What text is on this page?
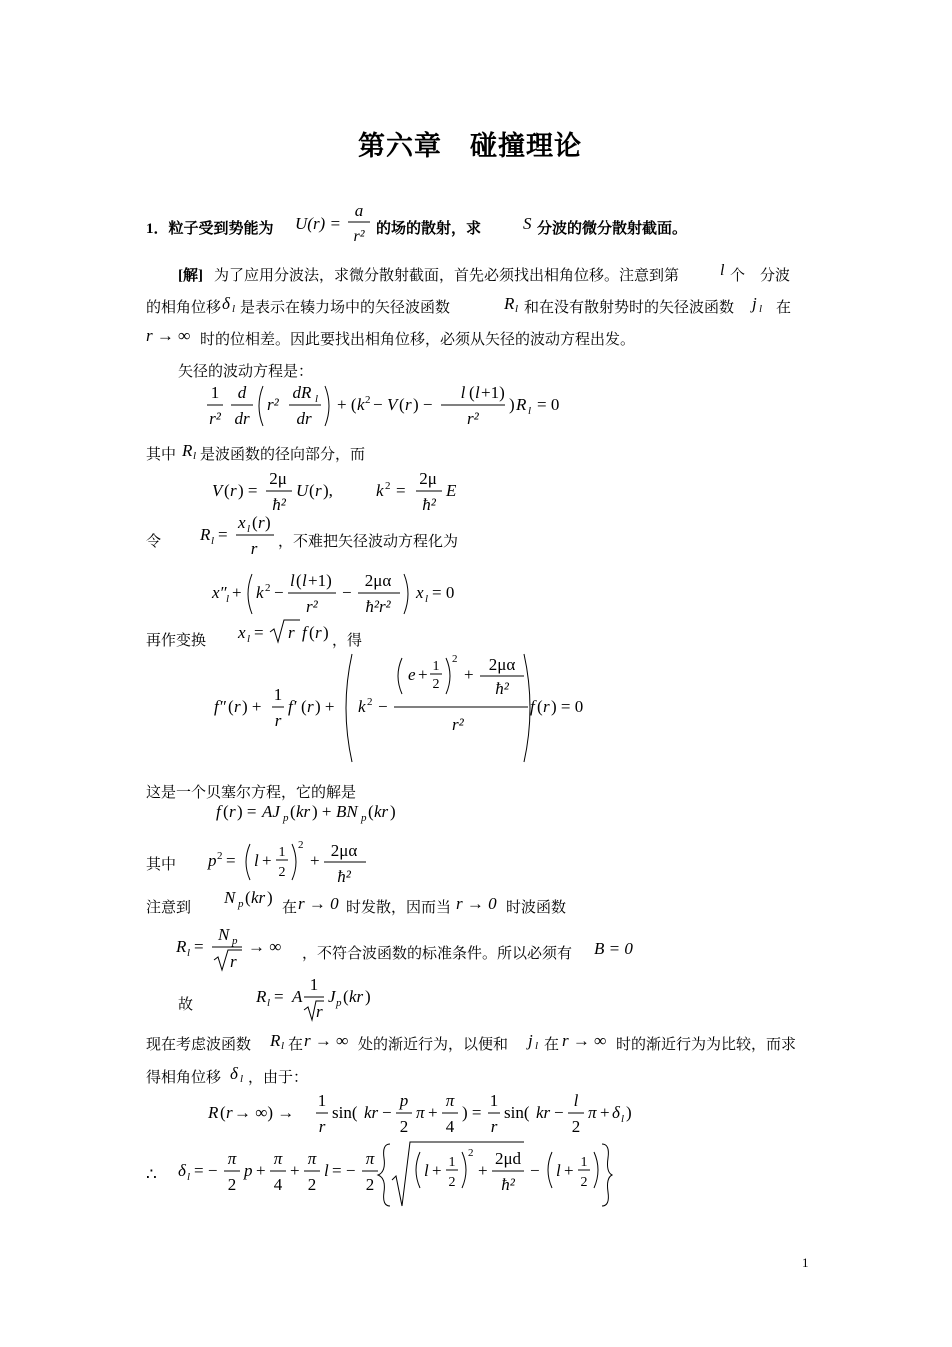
第六章　碰撞理论
1．粒子受到势能为 U(r) =
a
r² 的场的散射，求 S 分波的微分散射截面。
[解] 为了应用分波法，求微分散射截面，首先必须找出相角位移。注意到第	l 个　分波
的相角位移 δ l 是表示在辏力场中的矢径波函数	R l 和在没有散射势时的矢径波函数 j l 在
r → ∞ 时的位相差。因此要找出相角位移，必须从矢径的波动方程出发。
矢径的波动方程是：
1
r²
d
dr
r²
dR l
dr
+ ( k 2 − V ( r ) −
l ( l +1)
r²
) R l = 0
其中 R l 是波函数的径向部分，而
V ( r ) =
2μ
ħ²
U ( r ),	k 2 =
2μ
ħ²
E
令 R l =
x l ( r )
r ，不难把矢径波动方程化为
x″ l + k 2 −
l ( l +1)
r²
−
2μα
ħ²r²
x l = 0
再作变换 x l = r f ( r ) ，得
f″ ( r ) +
1
r
f′ ( r ) + k 2 −
e + 1
2
2
+
2μα
ħ²
r²
f ( r ) = 0
这是一个贝塞尔方程，它的解是
f ( r ) = AJ p ( kr ) + BN p ( kr )
其中 p 2 = l + 1
2
2
+
2μα
ħ²
注意到
N p ( kr )
在 r → 0 时发散，因而当 r → 0 时波函数
R l =
N p
r
→ ∞ ，不符合波函数的标准条件。所以必须有 B = 0
故	R l = A
1
r
J p ( kr )
现在考虑波函数 R l 在 r → ∞ 处的渐近行为，以便和 j l 在 r → ∞ 时的渐近行为为比较，而求
得相角位移 δ l ，由于：
R ( r → ∞) →
1
r
sin( kr −
p
2
π +
π
4
) =
1
r
sin( kr −
l
2
π + δ l )
∴ δ l = −
π
2
p +
π
4
+
π
2
l = −
π
2
l + 1
2
2
+
2μd
ħ²
− l + 1
2
1
